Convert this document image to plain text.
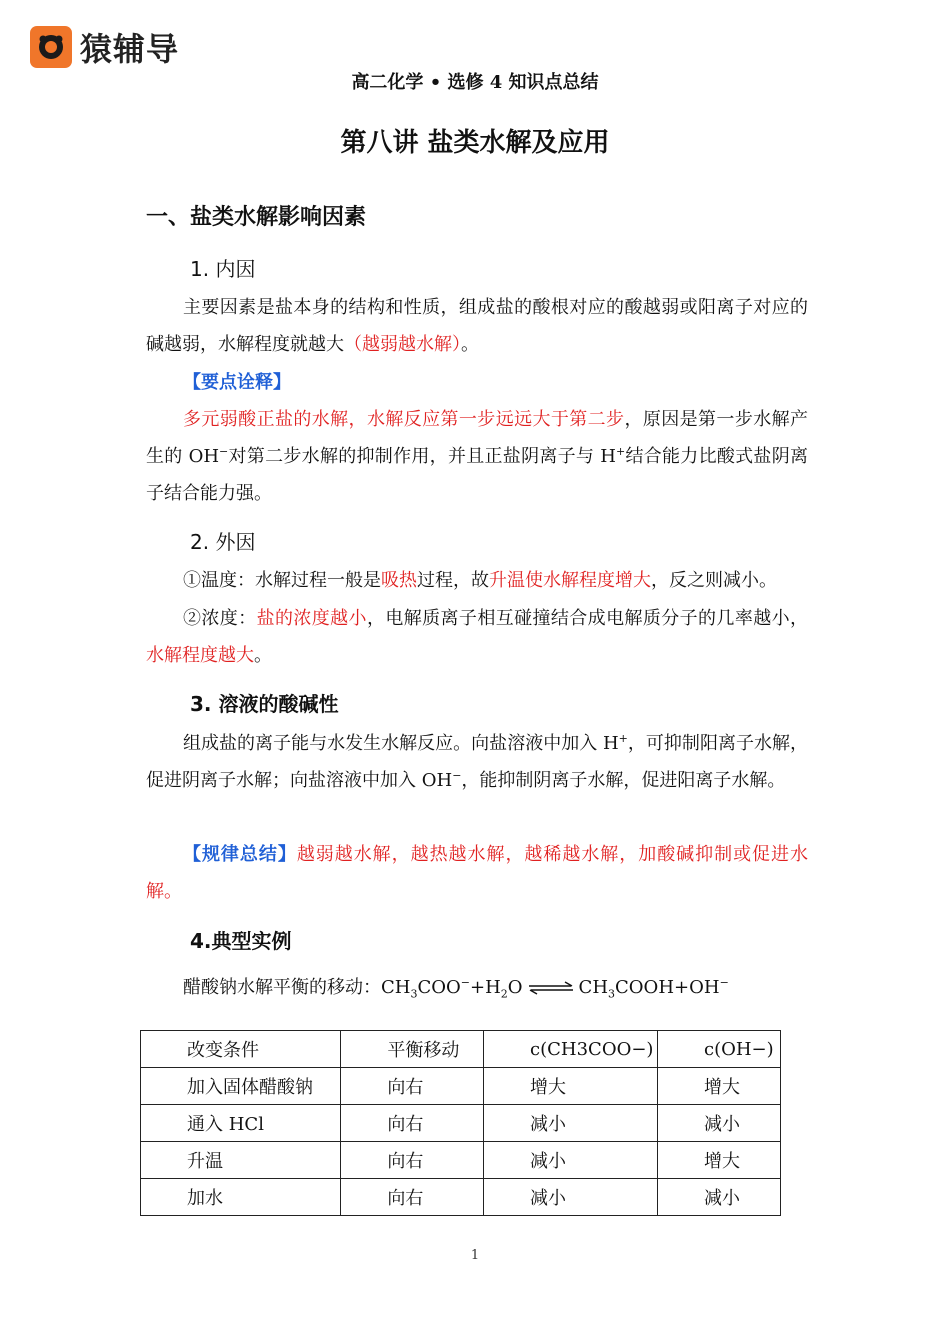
猿辅导
高二化学 • 选修 4 知识点总结
第八讲 盐类水解及应用
一、盐类水解影响因素
1. 内因
主要因素是盐本身的结构和性质，组成盐的酸根对应的酸越弱或阳离子对应的碱越弱，水解程度就越大（越弱越水解）。
【要点诠释】
多元弱酸正盐的水解，水解反应第一步远远大于第二步，原因是第一步水解产生的 OH−对第二步水解的抑制作用，并且正盐阴离子与 H+结合能力比酸式盐阴离子结合能力强。
2. 外因
①温度：水解过程一般是吸热过程，故升温使水解程度增大，反之则减小。
②浓度：盐的浓度越小，电解质离子相互碰撞结合成电解质分子的几率越小，水解程度越大。
3. 溶液的酸碱性
组成盐的离子能与水发生水解反应。向盐溶液中加入 H+，可抑制阳离子水解，促进阴离子水解；向盐溶液中加入 OH−，能抑制阴离子水解，促进阳离子水解。
【规律总结】越弱越水解，越热越水解，越稀越水解，加酸碱抑制或促进水解。
4.典型实例
醋酸钠水解平衡的移动：$CH_3COO^-+H_2O$ ⇌ $CH_3COOH+OH^-$
改变条件	平衡移动	c(CH3COO−)	c(OH−)
加入固体醋酸钠	向右	增大	增大
通入 HCl	向右	减小	减小
升温	向右	减小	增大
加水	向右	减小	减小
1
